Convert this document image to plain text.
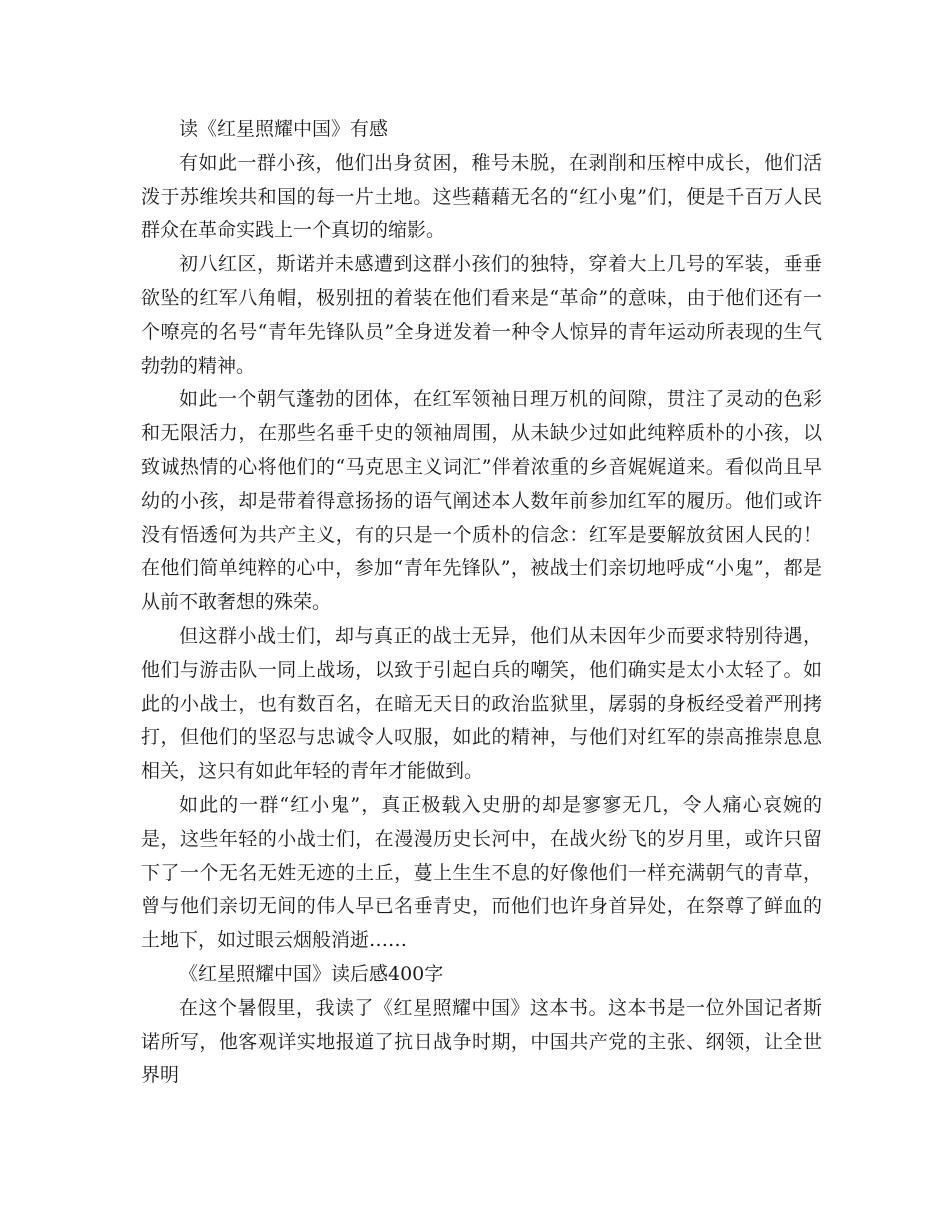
读《红星照耀中国》有感

有如此一群小孩，他们出身贫困，稚号未脱，在剥削和压榨中成长，他们活泼于苏维埃共和国的每一片土地。这些藉藉无名的“红小鬼”们，便是千百万人民群众在革命实践上一个真切的缩影。

初八红区，斯诺并未感遭到这群小孩们的独特，穿着大上几号的军装，垂垂欲坠的红军八角帽，极别扭的着装在他们看来是“革命”的意味，由于他们还有一个嘹亮的名号“青年先锋队员”全身迸发着一种令人惊异的青年运动所表现的生气勃勃的精神。

如此一个朝气蓬勃的团体，在红军领袖日理万机的间隙，贯注了灵动的色彩和无限活力，在那些名垂千史的领袖周围，从未缺少过如此纯粹质朴的小孩，以致诚热情的心将他们的“马克思主义词汇”伴着浓重的乡音娓娓道来。看似尚且早幼的小孩，却是带着得意扬扬的语气阐述本人数年前参加红军的履历。他们或许没有悟透何为共产主义，有的只是一个质朴的信念：红军是要解放贫困人民的！在他们简单纯粹的心中，参加“青年先锋队”，被战士们亲切地呼成“小鬼”，都是从前不敢奢想的殊荣。

但这群小战士们，却与真正的战士无异，他们从未因年少而要求特别待遇，他们与游击队一同上战场，以致于引起白兵的嘲笑，他们确实是太小太轻了。如此的小战士，也有数百名，在暗无天日的政治监狱里，孱弱的身板经受着严刑拷打，但他们的坚忍与忠诚令人叹服，如此的精神，与他们对红军的崇高推崇息息相关，这只有如此年轻的青年才能做到。

如此的一群“红小鬼”，真正极载入史册的却是寥寥无几，令人痛心哀婉的是，这些年轻的小战士们，在漫漫历史长河中，在战火纷飞的岁月里，或许只留下了一个无名无姓无迹的土丘，蔓上生生不息的好像他们一样充满朝气的青草，曾与他们亲切无间的伟人早已名垂青史，而他们也许身首异处，在祭尊了鲜血的土地下，如过眼云烟般消逝……

《红星照耀中国》读后感400字

在这个暑假里，我读了《红星照耀中国》这本书。这本书是一位外国记者斯诺所写，他客观详实地报道了抗日战争时期，中国共产党的主张、纲领，让全世界明
